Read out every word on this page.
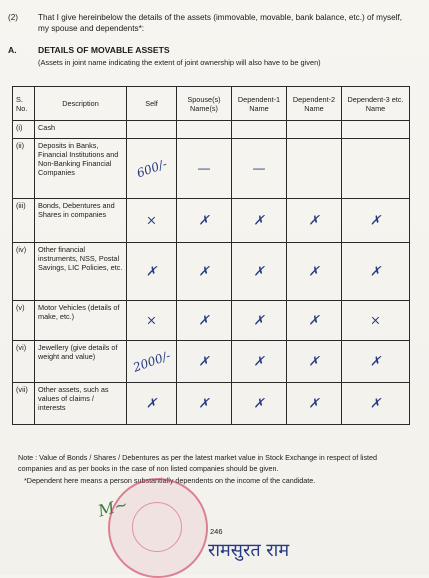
(2) That I give hereinbelow the details of the assets (immovable, movable, bank balance, etc.) of myself, my spouse and dependents*:
A. DETAILS OF MOVABLE ASSETS
(Assets in joint name indicating the extent of joint ownership will also have to be given)
S. No.	Description	Self	Spouse(s) Name(s)	Dependent-1 Name	Dependent-2 Name	Dependent-3 etc. Name
(i)	Cash	

(ii)	Deposits in Banks, Financial Institutions and Non-Banking Financial Companies	600/-	—	—		

(iii)	Bonds, Debentures and Shares in companies	×	✗	✗	✗	✗

(iv)	Other financial instruments, NSS, Postal Savings, LIC Policies, etc.	✗	✗	✗	✗	✗

(v)	Motor Vehicles (details of make, etc.)	×	✗	✗	✗	×

(vi)	Jewellery (give details of weight and value)	2000/-	✗	✗	✗	✗

(vii)	Other assets, such as values of claims / interests	✗	✗	✗	✗	✗
Note : Value of Bonds / Shares / Debentures as per the latest market value in Stock Exchange in respect of listed companies and as per books in the case of non listed companies should be given.
*Dependent here means a person substantially dependents on the income of the candidate.
M~
246
रामसुरत राम
